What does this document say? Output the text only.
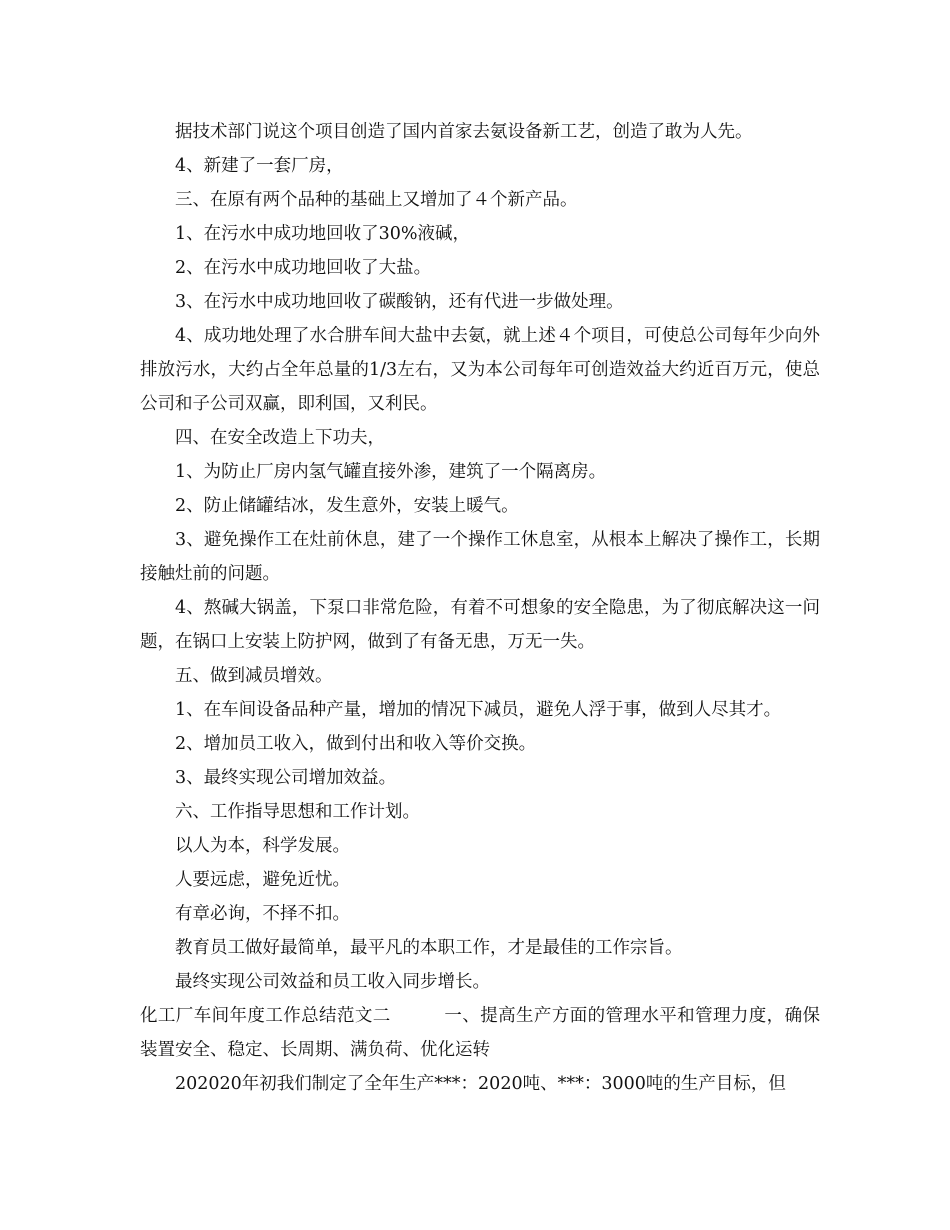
据技术部门说这个项目创造了国内首家去氨设备新工艺，创造了敢为人先。

4、新建了一套厂房，

三、在原有两个品种的基础上又增加了４个新产品。

1、在污水中成功地回收了30%液碱，

2、在污水中成功地回收了大盐。

3、在污水中成功地回收了碳酸钠，还有代进一步做处理。

4、成功地处理了水合肼车间大盐中去氨，就上述４个项目，可使总公司每年少向外排放污水，大约占全年总量的1/3左右，又为本公司每年可创造效益大约近百万元，使总公司和子公司双赢，即利国，又利民。

四、在安全改造上下功夫，

1、为防止厂房内氢气罐直接外渗，建筑了一个隔离房。

2、防止储罐结冰，发生意外，安装上暖气。

3、避免操作工在灶前休息，建了一个操作工休息室，从根本上解决了操作工，长期接触灶前的问题。

4、熬碱大锅盖，下泵口非常危险，有着不可想象的安全隐患，为了彻底解决这一问题，在锅口上安装上防护网，做到了有备无患，万无一失。

五、做到减员增效。

1、在车间设备品种产量，增加的情况下减员，避免人浮于事，做到人尽其才。

2、增加员工收入，做到付出和收入等价交换。

3、最终实现公司增加效益。

六、工作指导思想和工作计划。

以人为本，科学发展。

人要远虑，避免近忧。

有章必询，不择不扣。

教育员工做好最简单，最平凡的本职工作，才是最佳的工作宗旨。

最终实现公司效益和员工收入同步增长。

化工厂车间年度工作总结范文二　　　一、提高生产方面的管理水平和管理力度，确保装置安全、稳定、长周期、满负荷、优化运转

202020年初我们制定了全年生产***：2020吨、***：3000吨的生产目标，但
